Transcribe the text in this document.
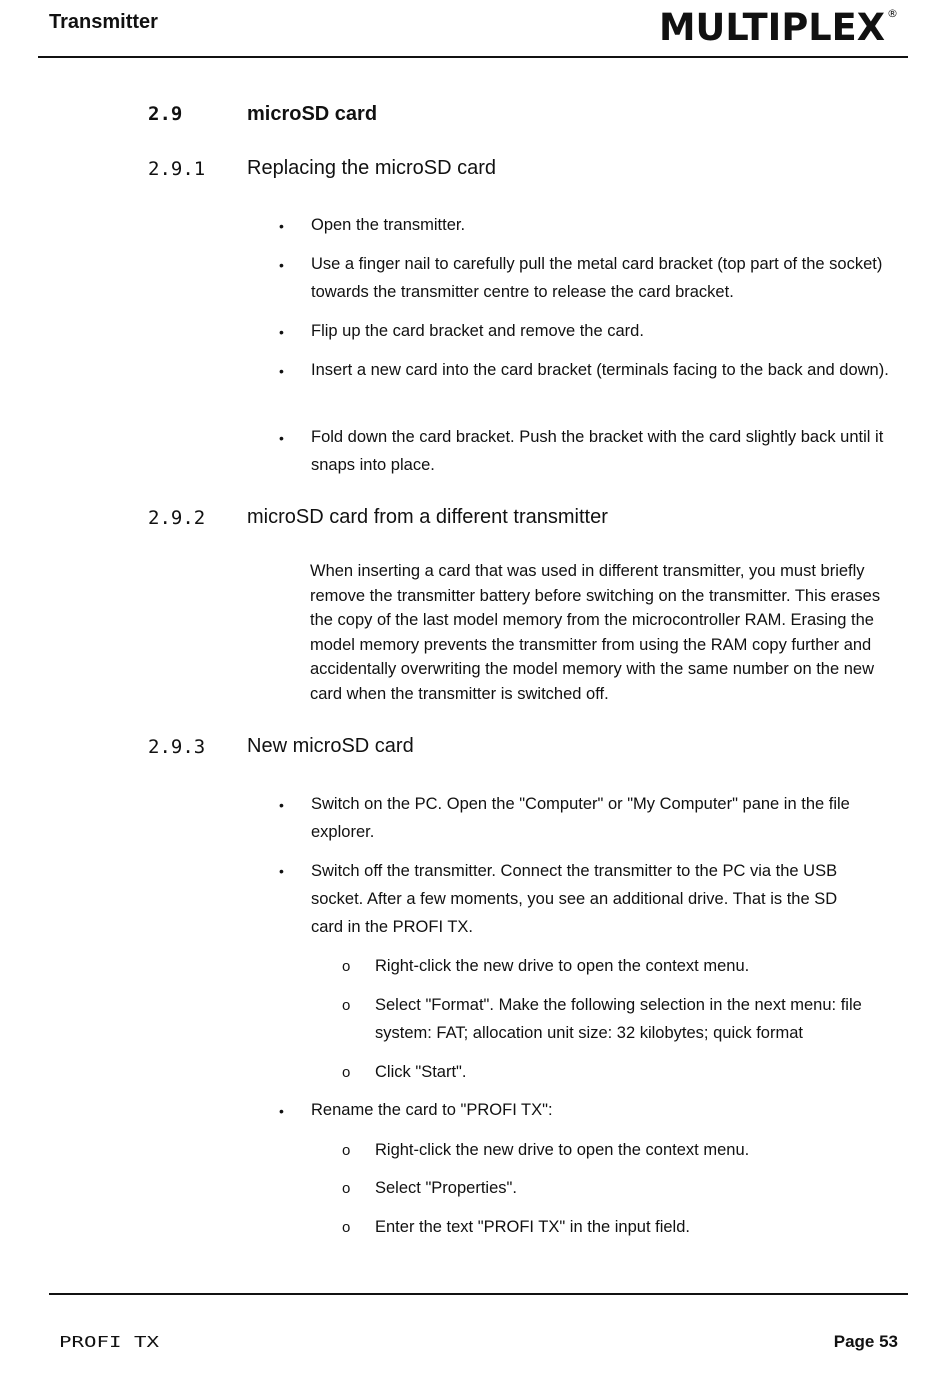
Transmitter	MULTIPLEX ®
2.9	microSD card
2.9.1 Replacing the microSD card
• Open the transmitter.
• Use a finger nail to carefully pull the metal card bracket (top part of the socket) towards the transmitter centre to release the card bracket.
• Flip up the card bracket and remove the card.
• Insert a new card into the card bracket (terminals facing to the back and down).
• Fold down the card bracket. Push the bracket with the card slightly back until it snaps into place.
2.9.2 microSD card from a different transmitter
When inserting a card that was used in different transmitter, you must briefly remove the transmitter battery before switching on the transmitter. This erases the copy of the last model memory from the microcontroller RAM. Erasing the model memory prevents the transmitter from using the RAM copy further and accidentally overwriting the model memory with the same number on the new card when the transmitter is switched off.
2.9.3 New microSD card
• Switch on the PC. Open the "Computer" or "My Computer" pane in the file explorer.
• Switch off the transmitter. Connect the transmitter to the PC via the USB socket. After a few moments, you see an additional drive. That is the SD card in the PROFI TX.
o Right-click the new drive to open the context menu.
o Select "Format". Make the following selection in the next menu: file system: FAT; allocation unit size: 32 kilobytes; quick format
o Click "Start".
• Rename the card to "PROFI TX":
o Right-click the new drive to open the context menu.
o Select "Properties".
o Enter the text "PROFI TX" in the input field.
PROFI TX	Page 53
